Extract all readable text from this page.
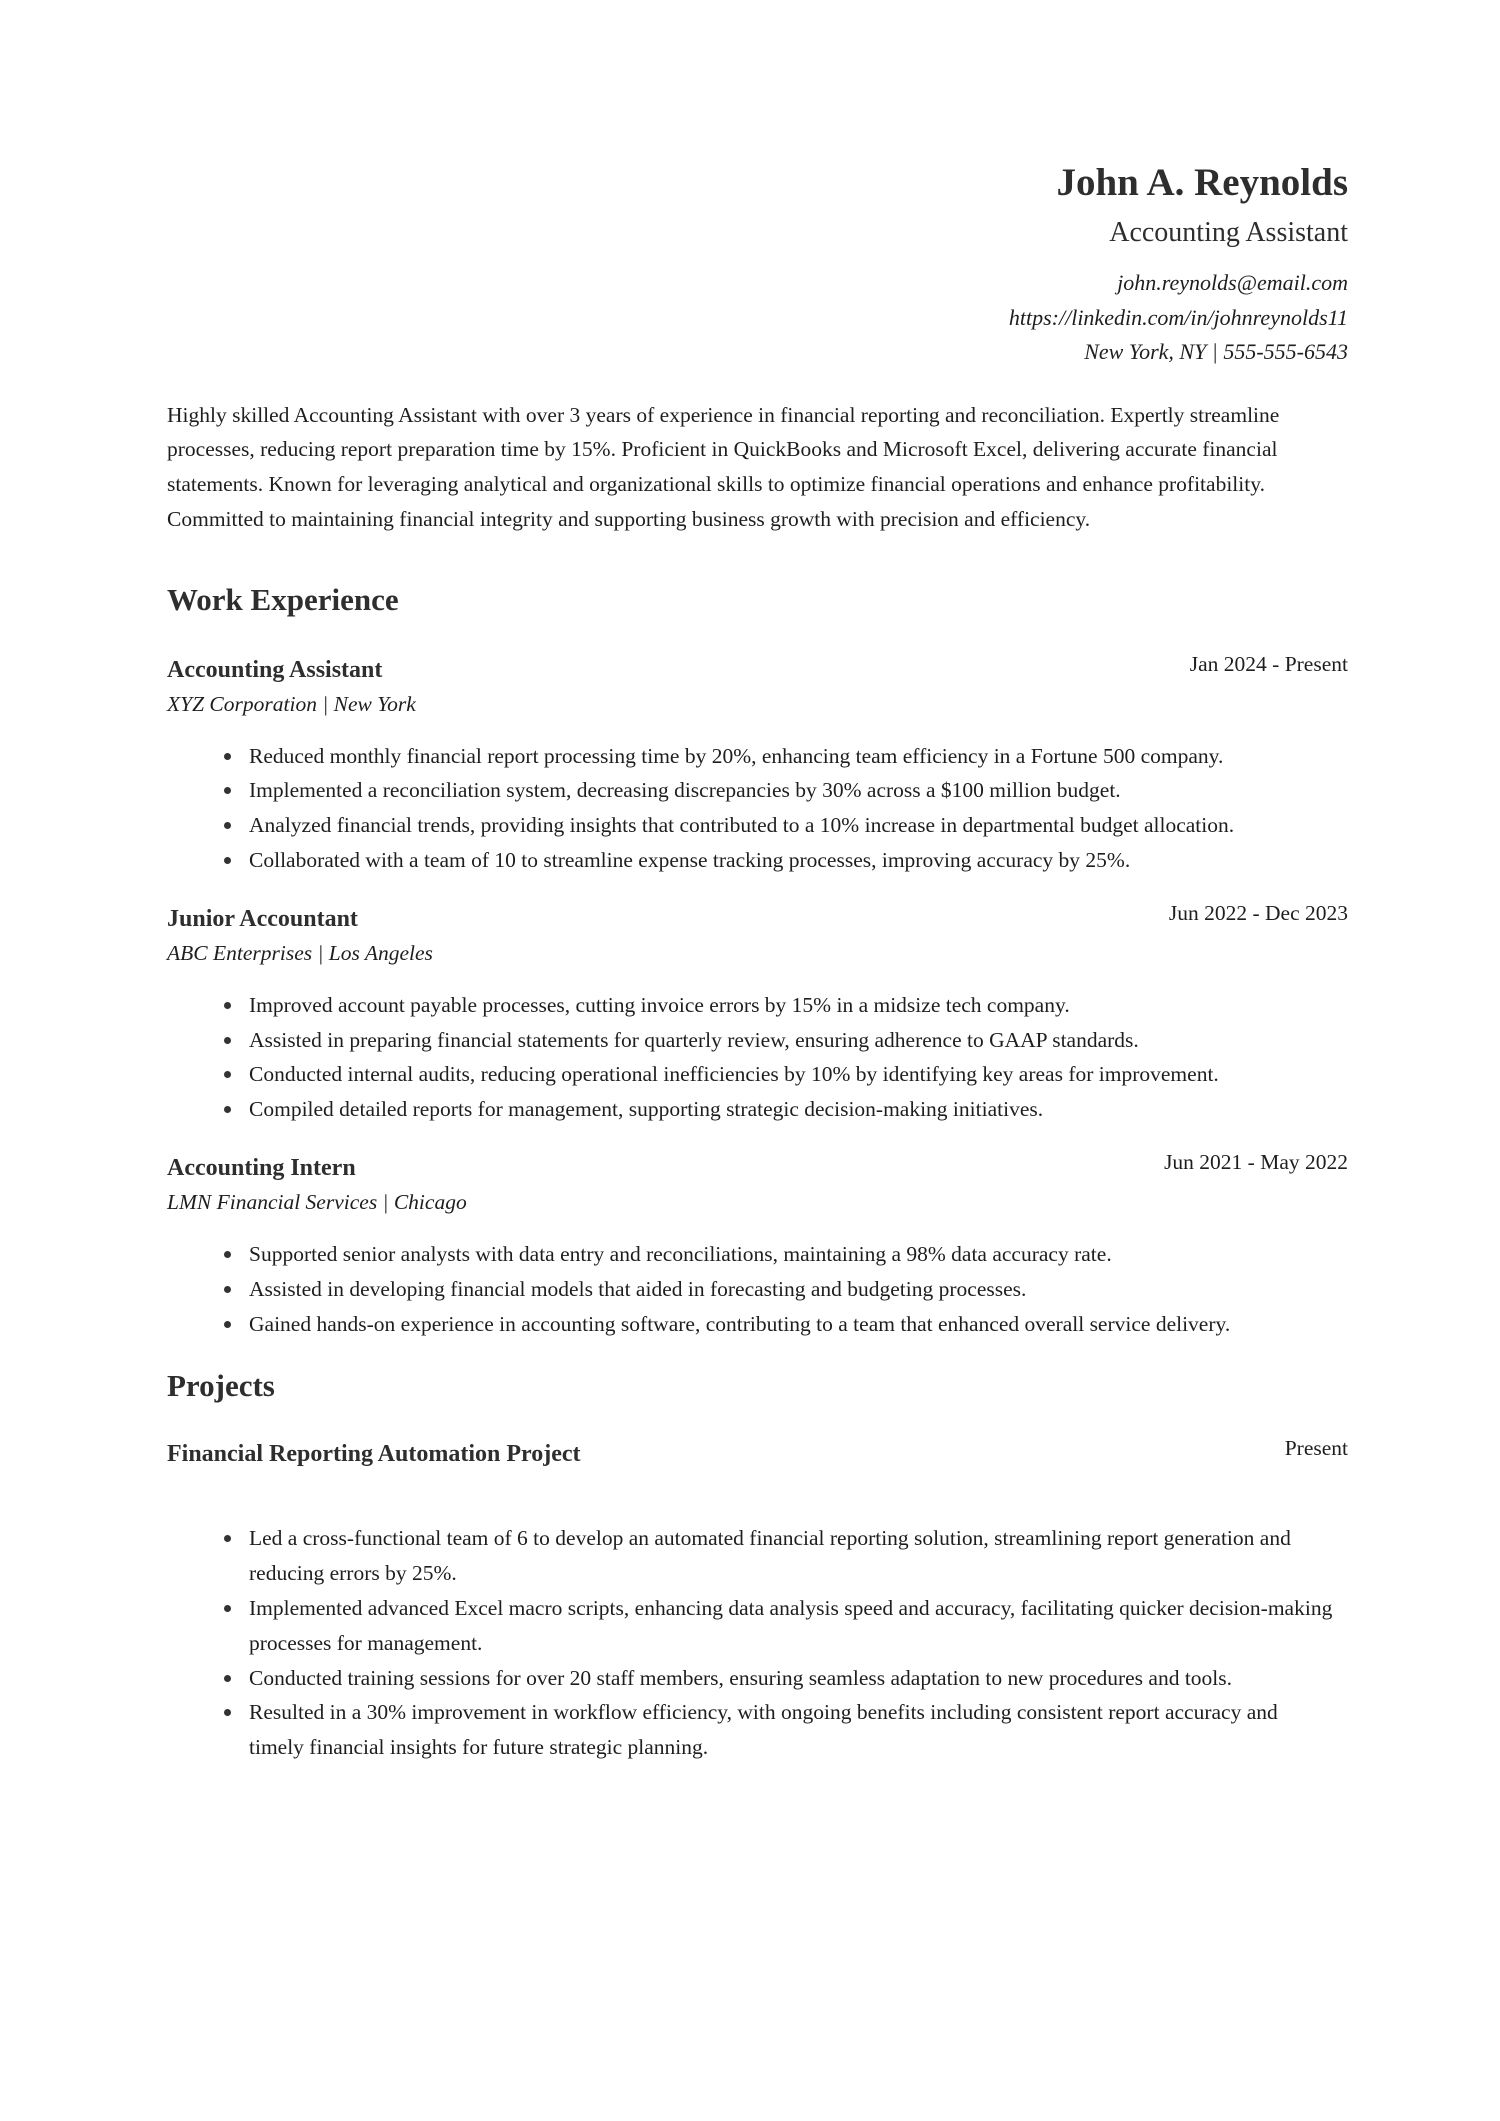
John A. Reynolds
Accounting Assistant
john.reynolds@email.com
https://linkedin.com/in/johnreynolds11
New York, NY | 555-555-6543

Highly skilled Accounting Assistant with over 3 years of experience in financial reporting and reconciliation. Expertly streamline processes, reducing report preparation time by 15%. Proficient in QuickBooks and Microsoft Excel, delivering accurate financial statements. Known for leveraging analytical and organizational skills to optimize financial operations and enhance profitability. Committed to maintaining financial integrity and supporting business growth with precision and efficiency.

Work Experience
Accounting Assistant	Jan 2024 - Present
XYZ Corporation | New York
Reduced monthly financial report processing time by 20%, enhancing team efficiency in a Fortune 500 company.
Implemented a reconciliation system, decreasing discrepancies by 30% across a $100 million budget.
Analyzed financial trends, providing insights that contributed to a 10% increase in departmental budget allocation.
Collaborated with a team of 10 to streamline expense tracking processes, improving accuracy by 25%.
Junior Accountant	Jun 2022 - Dec 2023
ABC Enterprises | Los Angeles
Improved account payable processes, cutting invoice errors by 15% in a midsize tech company.
Assisted in preparing financial statements for quarterly review, ensuring adherence to GAAP standards.
Conducted internal audits, reducing operational inefficiencies by 10% by identifying key areas for improvement.
Compiled detailed reports for management, supporting strategic decision-making initiatives.
Accounting Intern	Jun 2021 - May 2022
LMN Financial Services | Chicago
Supported senior analysts with data entry and reconciliations, maintaining a 98% data accuracy rate.
Assisted in developing financial models that aided in forecasting and budgeting processes.
Gained hands-on experience in accounting software, contributing to a team that enhanced overall service delivery.
Projects
Financial Reporting Automation Project	Present
Led a cross-functional team of 6 to develop an automated financial reporting solution, streamlining report generation and reducing errors by 25%.
Implemented advanced Excel macro scripts, enhancing data analysis speed and accuracy, facilitating quicker decision-making processes for management.
Conducted training sessions for over 20 staff members, ensuring seamless adaptation to new procedures and tools.
Resulted in a 30% improvement in workflow efficiency, with ongoing benefits including consistent report accuracy and timely financial insights for future strategic planning.
